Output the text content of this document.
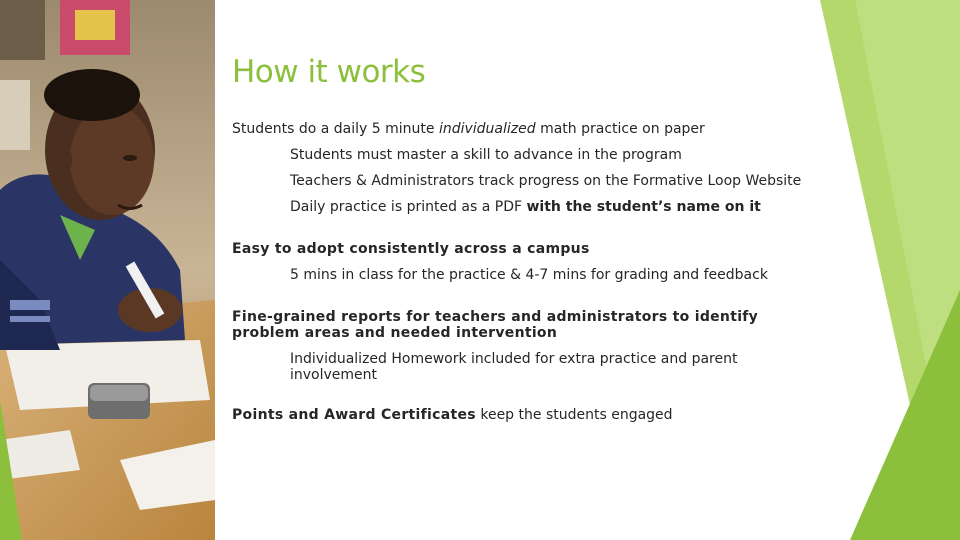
How it works

Students do a daily 5 minute individualized math practice on paper

Students must master a skill to advance in the program
Teachers & Administrators track progress on the Formative Loop Website
Daily practice is printed as a PDF with the student’s name on it

Easy to adopt consistently across a campus

5 mins in class for the practice & 4-7 mins for grading and feedback

Fine-grained reports for teachers and administrators to identify problem areas and needed intervention

Individualized Homework included for extra practice and parent involvement

Points and Award Certificates keep the students engaged
